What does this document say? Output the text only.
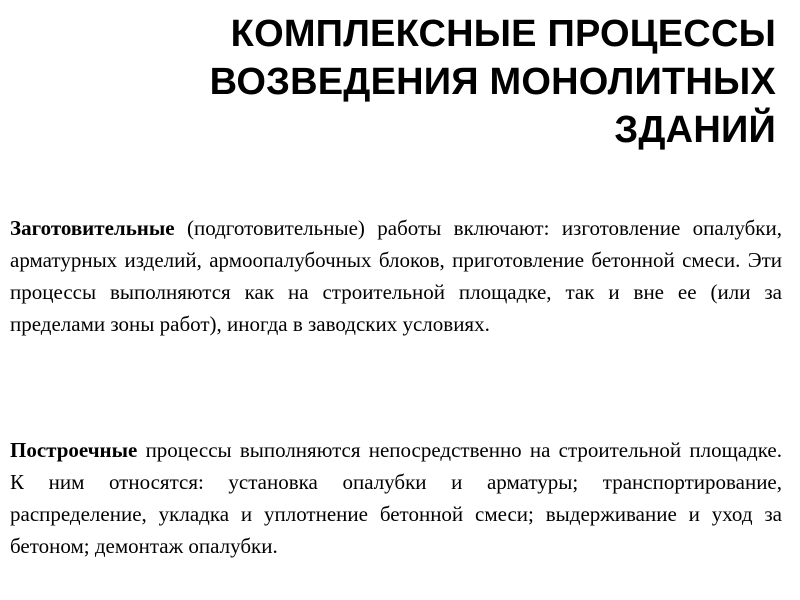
КОМПЛЕКСНЫЕ ПРОЦЕССЫ
ВОЗВЕДЕНИЯ МОНОЛИТНЫХ
ЗДАНИЙ

Заготовительные (подготовительные) работы включают: изготовление опалубки, арматурных изделий, армоопалубочных блоков, приготовление бетонной смеси. Эти процессы выполняются как на строительной площадке, так и вне ее (или за пределами зоны работ), иногда в заводских условиях.

Построечные процессы выполняются непосредственно на строительной площадке. К ним относятся: установка опалубки и арматуры; транспортирование, распределение, укладка и уплотнение бетонной смеси; выдерживание и уход за бетоном; демонтаж опалубки.
